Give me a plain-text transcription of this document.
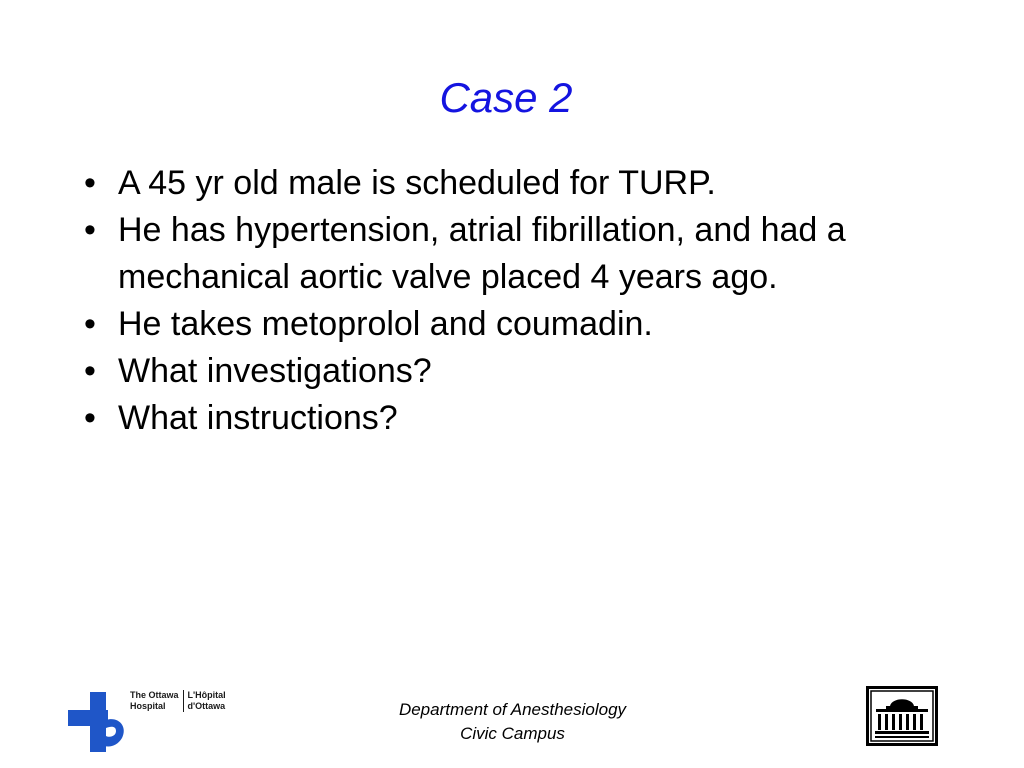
Case 2
• A 45 yr old male is scheduled for TURP.
• He has hypertension, atrial fibrillation, and had a mechanical aortic valve placed 4 years ago.
• He takes metoprolol and coumadin.
• What investigations?
• What instructions?
The Ottawa
Hospital
L'Hôpital
d'Ottawa	Department of Anesthesiology
Civic Campus
